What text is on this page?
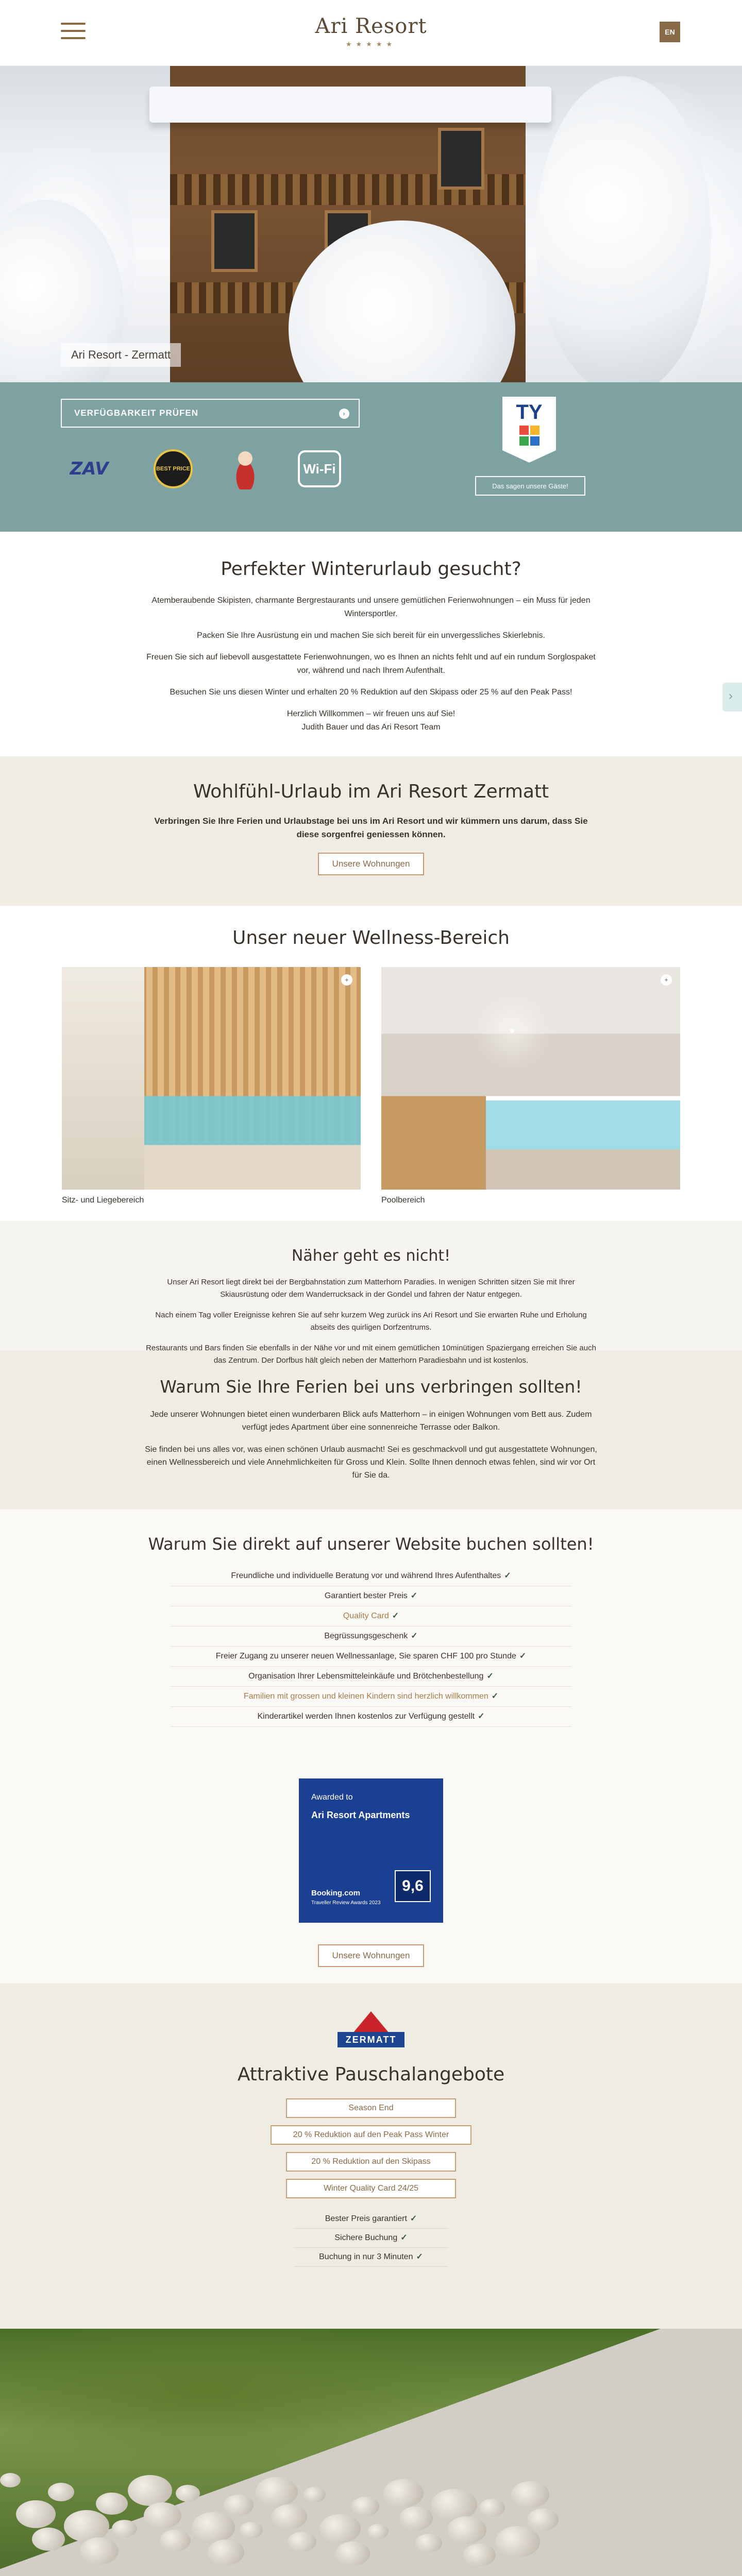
Ari Resort
★★★★★
EN
Ari Resort - Zermatt
VERFÜGBARKEIT PRÜFEN	›
ZAV	BEST PRICE	Wi-Fi
TY
Das sagen unsere Gäste!
›
Perfekter Winterurlaub gesucht?

Atemberaubende Skipisten, charmante Bergrestaurants und unsere gemütlichen Ferienwohnungen – ein Muss für jeden Wintersportler.

Packen Sie Ihre Ausrüstung ein und machen Sie sich bereit für ein unvergessliches Skierlebnis.

Freuen Sie sich auf liebevoll ausgestattete Ferienwohnungen, wo es Ihnen an nichts fehlt und auf ein rundum Sorglospaket vor, während und nach Ihrem Aufenthalt.

Besuchen Sie uns diesen Winter und erhalten 20 % Reduktion auf den Skipass oder 25 % auf den Peak Pass!

Herzlich Willkommen – wir freuen uns auf Sie!
Judith Bauer und das Ari Resort Team

Wohlfühl-Urlaub im Ari Resort Zermatt

Verbringen Sie Ihre Ferien und Urlaubstage bei uns im Ari Resort und wir kümmern uns darum, dass Sie diese sorgenfrei geniessen können.

Unsere Wohnungen
Unser neuer Wellness-Bereich
+
Sitz- und Liegebereich
+
Poolbereich
Näher geht es nicht!

Unser Ari Resort liegt direkt bei der Bergbahnstation zum Matterhorn Paradies. In wenigen Schritten sitzen Sie mit Ihrer Skiausrüstung oder dem Wanderrucksack in der Gondel und fahren der Natur entgegen.

Nach einem Tag voller Ereignisse kehren Sie auf sehr kurzem Weg zurück ins Ari Resort und Sie erwarten Ruhe und Erholung abseits des quirligen Dorfzentrums.

Restaurants und Bars finden Sie ebenfalls in der Nähe vor und mit einem gemütlichen 10minütigen Spaziergang erreichen Sie auch das Zentrum. Der Dorfbus hält gleich neben der Matterhorn Paradiesbahn und ist kostenlos.

Warum Sie Ihre Ferien bei uns verbringen sollten!

Jede unserer Wohnungen bietet einen wunderbaren Blick aufs Matterhorn – in einigen Wohnungen vom Bett aus. Zudem verfügt jedes Apartment über eine sonnenreiche Terrasse oder Balkon.

Sie finden bei uns alles vor, was einen schönen Urlaub ausmacht! Sei es geschmackvoll und gut ausgestattete Wohnungen, einen Wellnessbereich und viele Annehmlichkeiten für Gross und Klein. Sollte Ihnen dennoch etwas fehlen, sind wir vor Ort für Sie da.

Warum Sie direkt auf unserer Website buchen sollten!
Freundliche und individuelle Beratung vor und während Ihres Aufenthaltes ✓
Garantiert bester Preis ✓
Quality Card ✓
Begrüssungsgeschenk ✓
Freier Zugang zu unserer neuen Wellnessanlage, Sie sparen CHF 100 pro Stunde ✓
Organisation Ihrer Lebensmitteleinkäufe und Brötchenbestellung ✓
Familien mit grossen und kleinen Kindern sind herzlich willkommen ✓
Kinderartikel werden Ihnen kostenlos zur Verfügung gestellt ✓
Awarded to
Ari Resort Apartments
9,6
Booking.com
Traveller Review Awards 2023
Unsere Wohnungen
ZERMATT
Attraktive Pauschalangebote
Season End
20 % Reduktion auf den Peak Pass Winter
20 % Reduktion auf den Skipass
Winter Quality Card 24/25
Bester Preis garantiert ✓
Sichere Buchung ✓
Buchung in nur 3 Minuten ✓
